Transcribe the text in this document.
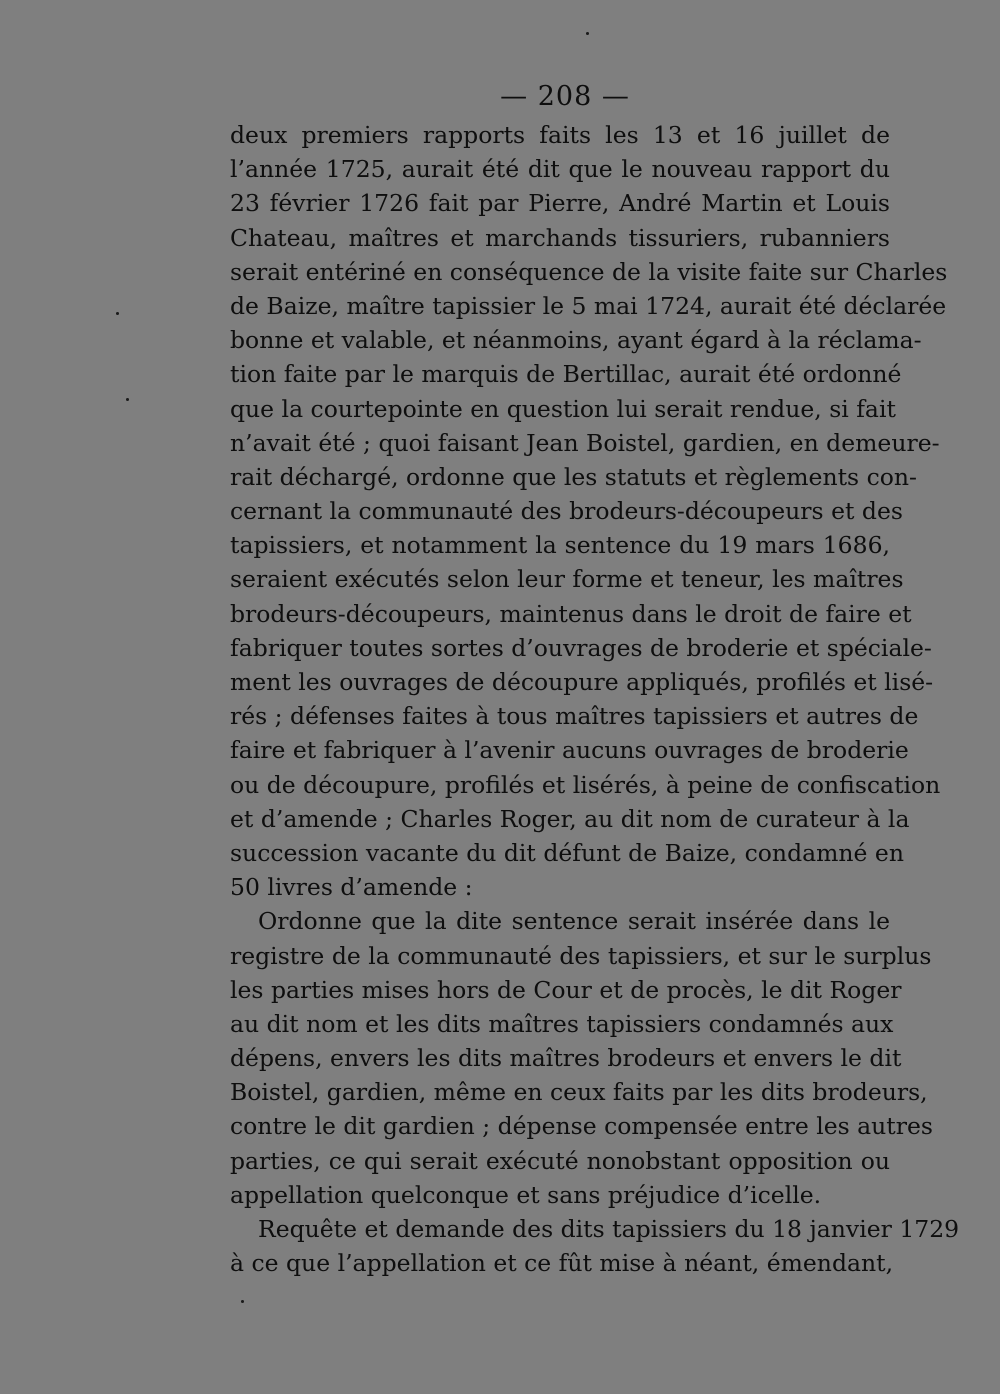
— 208 —
deux premiers rapports faits les 13 et 16 juillet de
l’année 1725, aurait été dit que le nouveau rapport du
23 février 1726 fait par Pierre, André Martin et Louis
Chateau, maîtres et marchands tissuriers, rubanniers
serait entériné en conséquence de la visite faite sur Charles
de Baize, maître tapissier le 5 mai 1724, aurait été déclarée
bonne et valable, et néanmoins, ayant égard à la réclama-
tion faite par le marquis de Bertillac, aurait été ordonné
que la courtepointe en question lui serait rendue, si fait
n’avait été ; quoi faisant Jean Boistel, gardien, en demeure-
rait déchargé, ordonne que les statuts et règlements con-
cernant la communauté des brodeurs-découpeurs et des
tapissiers, et notamment la sentence du 19 mars 1686,
seraient exécutés selon leur forme et teneur, les maîtres
brodeurs-découpeurs, maintenus dans le droit de faire et
fabriquer toutes sortes d’ouvrages de broderie et spéciale-
ment les ouvrages de découpure appliqués, profilés et lisé-
rés ; défenses faites à tous maîtres tapissiers et autres de
faire et fabriquer à l’avenir aucuns ouvrages de broderie
ou de découpure, profilés et lisérés, à peine de confiscation
et d’amende ; Charles Roger, au dit nom de curateur à la
succession vacante du dit défunt de Baize, condamné en
50 livres d’amende :
Ordonne que la dite sentence serait insérée dans le
registre de la communauté des tapissiers, et sur le surplus
les parties mises hors de Cour et de procès, le dit Roger
au dit nom et les dits maîtres tapissiers condamnés aux
dépens, envers les dits maîtres brodeurs et envers le dit
Boistel, gardien, même en ceux faits par les dits brodeurs,
contre le dit gardien ; dépense compensée entre les autres
parties, ce qui serait exécuté nonobstant opposition ou
appellation quelconque et sans préjudice d’icelle.
Requête et demande des dits tapissiers du 18 janvier 1729
à ce que l’appellation et ce fût mise à néant, émendant,
